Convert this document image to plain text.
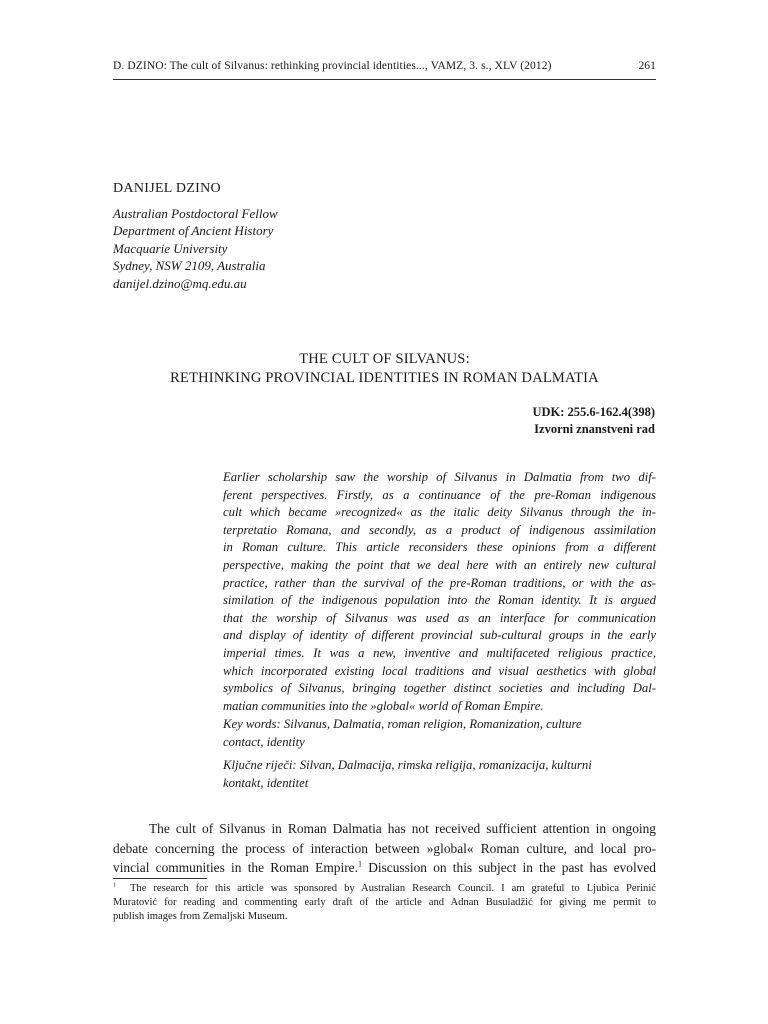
D. DZINO: The cult of Silvanus: rethinking provincial identities..., VAMZ, 3. s., XLV (2012)	261
DANIJEL DZINO
Australian Postdoctoral Fellow
Department of Ancient History
Macquarie University
Sydney, NSW 2109, Australia
danijel.dzino@mq.edu.au
THE CULT OF SILVANUS:
RETHINKING PROVINCIAL IDENTITIES IN ROMAN DALMATIA
UDK: 255.6-162.4(398)
Izvorni znanstveni rad
Earlier scholarship saw the worship of Silvanus in Dalmatia from two dif-
ferent perspectives. Firstly, as a continuance of the pre-Roman indigenous
cult which became »recognized« as the italic deity Silvanus through the in-
terpretatio Romana, and secondly, as a product of indigenous assimilation
in Roman culture. This article reconsiders these opinions from a different
perspective, making the point that we deal here with an entirely new cultural
practice, rather than the survival of the pre-Roman traditions, or with the as-
similation of the indigenous population into the Roman identity. It is argued
that the worship of Silvanus was used as an interface for communication
and display of identity of different provincial sub-cultural groups in the early
imperial times. It was a new, inventive and multifaceted religious practice,
which incorporated existing local traditions and visual aesthetics with global
symbolics of Silvanus, bringing together distinct societies and including Dal-
matian communities into the »global« world of Roman Empire.
Key words: Silvanus, Dalmatia, roman religion, Romanization, culture
contact, identity
Ključne riječi: Silvan, Dalmacija, rimska religija, romanizacija, kulturni
kontakt, identitet
The cult of Silvanus in Roman Dalmatia has not received sufficient attention in ongoing
debate concerning the process of interaction between »global« Roman culture, and local pro-
vincial communities in the Roman Empire.$^1$ Discussion on this subject in the past has evolved
$^1$ The research for this article was sponsored by Australian Research Council. I am grateful to Ljubica Perinić
Muratović for reading and commenting early draft of the article and Adnan Busuladžić for giving me permit to
publish images from Zemaljski Museum.
